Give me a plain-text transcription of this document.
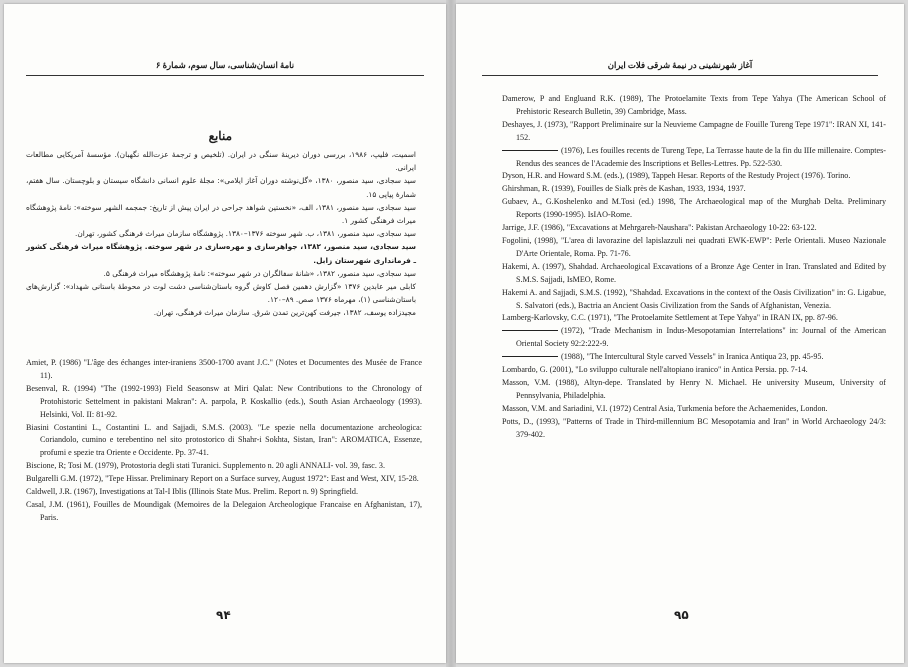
نامهٔ انسان‌شناسی، سال سوم، شمارهٔ ۶
منابع

اسمیت، فلیپ، ۱۹۸۶، بررسی دوران دیرینهٔ سنگی در ایران. (تلخیص و ترجمهٔ عزت‌الله نگهبان). مؤسسهٔ آمریکایی مطالعات ایرانی.

سید سجادی، سید منصور، ۱۳۸۰، «گل‌نوشته دوران آغاز ایلامی»: مجلهٔ علوم انسانی دانشگاه سیستان و بلوچستان. سال هفتم، شمارهٔ پیاپی ۱۵.

سید سجادی، سید منصور، ۱۳۸۱، الف، «نخستین شواهد جراحی در ایران پیش از تاریخ: جمجمه الشهر سوخته»: نامهٔ پژوهشگاه میراث فرهنگی کشور ۱.

سید سجادی، سید منصور، ۱۳۸۱، ب. شهر سوخته ۱۳۷۶–۱۳۸۰. پژوهشگاه سازمان میراث فرهنگی کشور، تهران.

سید سجادی، سید منصور، ۱۳۸۲، جواهرسازی و مهره‌سازی در شهر سوخته. پژوهشگاه میراث فرهنگی کشور ـ فرمانداری شهرستان زابل.

سید سجادی، سید منصور، ۱۳۸۲، «شانهٔ سفالگران در شهر سوخته»: نامهٔ پژوهشگاه میراث فرهنگی ۵.

کابلی میر عابدین ۱۳۷۶ «گزارش دهمین فصل کاوش گروه باستان‌شناسی دشت لوت در محوطهٔ باستانی شهداد»: گزارش‌های باستان‌شناسی (۱)، مهرماه ۱۳۷۶ صص. ۸۹–۱۲۰.

مجیدزاده یوسف، ۱۳۸۲، جیرفت کهن‌ترین تمدن شرق. سازمان میراث فرهنگی، تهران.

Amiet, P. (1986) "L'âge des échanges inter-iraniens 3500-1700 avant J.C." (Notes et Documentes des Musée de France 11).

Besenval, R. (1994) "The (1992-1993) Field Seasonsw at Miri Qalat: New Contributions to the Chronology of Protohistoric Settelment in pakistani Makran": A. parpola, P. Koskallio (eds.), South Asian Archaeology (1993). Helsinki, Vol. II: 81-92.

Biasini Costantini L., Costantini L. and Sajjadi, S.M.S. (2003). "Le spezie nella documentazione archeologica: Coriandolo, cumino e terebentino nel sito protostorico di Shahr-i Sokhta, Sistan, Iran": AROMATICA, Essenze, profumi e spezie tra Oriente e Occidente. Pp. 37-41.

Biscione, R; Tosi M. (1979), Protostoria degli stati Turanici. Supplemento n. 20 agli ANNALI- vol. 39, fasc. 3.

Bulgarelli G.M. (1972), "Tepe Hissar. Preliminary Report on a Surface survey, August 1972": East and West, XIV, 15-28.

Caldwell, J.R. (1967), Investigations at Tal-I Iblis (Illinois State Mus. Prelim. Report n. 9) Springfield.

Casal, J.M. (1961), Fouilles de Moundigak (Memoires de la Delegaion Archeologique Francaise en Afghanistan, 17), Paris.

۹۴
آغاز شهرنشینی در نیمهٔ شرقی فلات ایران

Damerow, P and Engluand R.K. (1989), The Protoelamite Texts from Tepe Yahya (The American School of Prehistoric Research Bulletin, 39) Cambridge, Mass.

Deshayes, J. (1973), "Rapport Preliminaire sur la Neuvieme Campagne de Fouille Tureng Tepe 1971": IRAN XI, 141-152.

(1976), Les fouilles recents de Tureng Tepe, La Terrasse haute de la fin du IIIe millenaire. Comptes-Rendus des seances de l'Academie des Inscriptions et Belles-Lettres. Pp. 522-530.

Dyson, H.R. and Howard S.M. (eds.), (1989), Tappeh Hesar. Reports of the Restudy Project (1976). Torino.

Ghirshman, R. (1939), Fouilles de Sialk près de Kashan, 1933, 1934, 1937.

Gubaev, A., G.Koshelenko and M.Tosi (ed.) 1998, The Archaeological map of the Murghab Delta. Preliminary Reports (1990-1995). IsIAO-Rome.

Jarrige, J.F. (1986), "Excavations at Mehrgareh-Naushara": Pakistan Archaeology 10-22: 63-122.

Fogolini, (1998), "L'area di lavorazine del lapislazzuli nei quadrati EWK-EWP": Perle Orientali. Museo Nazionale D'Arte Orientale, Roma. Pp. 71-76.

Hakemi, A. (1997), Shahdad. Archaeological Excavations of a Bronze Age Center in Iran. Translated and Edited by S.M.S. Sajjadi, IsMEO, Rome.

Hakemi A. and Sajjadi, S.M.S. (1992), "Shahdad. Excavations in the context of the Oasis Civilization" in: G. Ligabue, S. Salvatori (eds.), Bactria an Ancient Oasis Civilization from the Sands of Afghanistan, Venezia.

Lamberg-Karlovsky, C.C. (1971), "The Protoelamite Settlement at Tepe Yahya" in IRAN IX, pp. 87-96.

(1972), "Trade Mechanism in Indus-Mesopotamian Interrelations" in: Journal of the American Oriental Society 92:2:222-9.

(1988), "The Intercultural Style carved Vessels" in Iranica Antiqua 23, pp. 45-95.

Lombardo, G. (2001), "Lo sviluppo culturale nell'altopiano iranico" in Antica Persia. pp. 7-14.

Masson, V.M. (1988), Altyn-depe. Translated by Henry N. Michael. He university Museum, University of Pennsylvania, Philadelphia.

Masson, V.M. and Sariadini, V.I. (1972) Central Asia, Turkmenia before the Achaemenides, London.

Potts, D., (1993), "Patterns of Trade in Third-millennium BC Mesopotamia and Iran" in World Archaeology 24/3: 379-402.

۹۵
